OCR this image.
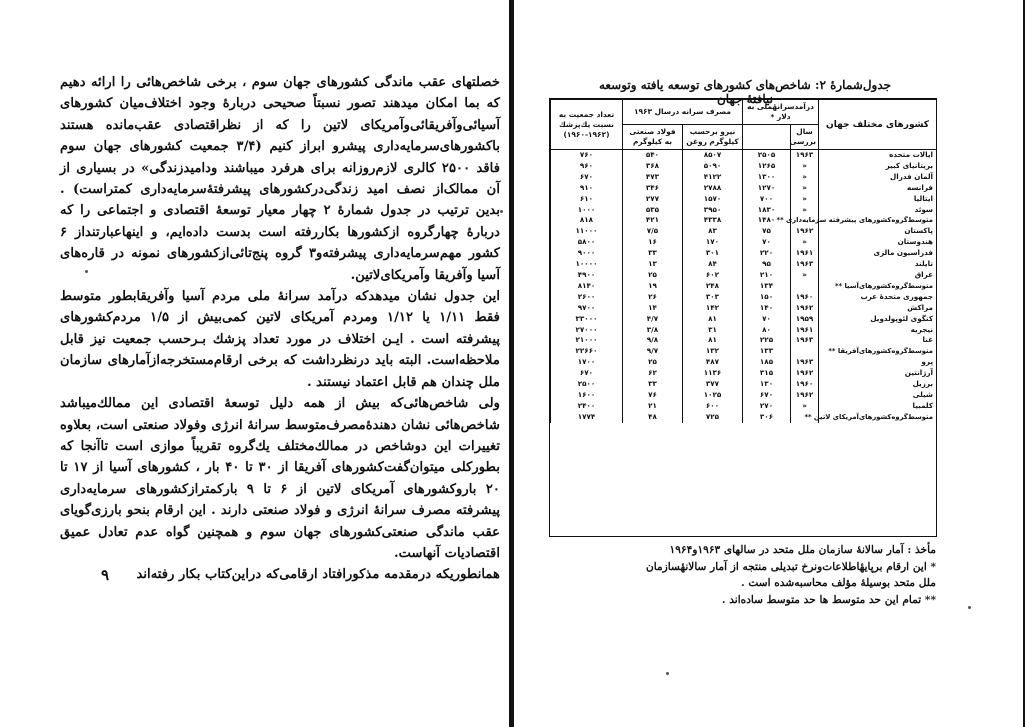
خصلتهای عقب ماندگی کشورهای جهان سوم ، برخی شاخص‌هائی را ارائه دهیم که بما امکان میدهند تصور نسبتاً صحیحی دربارهٔ وجود اختلاف‌میان کشورهای آسیائی‌وآفریقائی‌وآمریکای لاتین را که از نظراقتصادی عقب‌مانده هستند باکشورهای‌سرمایه‌داری پیشرو ابراز کنیم (۳/۴ جمعیت کشورهای جهان سوم فاقد ۲۵۰۰ کالری لازم‌روزانه برای هرفرد میباشند ودامیدزندگی» در بسیاری از آن ممالک‌از نصف امید زندگی‌درکشورهای پیشرفتهٔ‌سرمایه‌داری کمتراست) . بدین ترتیب در جدول شمارهٔ ۲ چهار معیار توسعهٔ اقتصادی و اجتماعی را که دربارهٔ چهارگروه ازکشورها بکاررفته است بدست داده‌ایم، و اینهاعبارتنداز ۶ کشور مهم‌سرمایه‌داری پیشرفته‌و۳ گروه پنج‌تائی‌ازکشورهای نمونه در قاره‌های آسیا وآفریقا وآمریکای‌لاتین.

این جدول نشان میدهدکه درآمد سرانهٔ ملی مردم آسیا وآفریقا‌بطور متوسط فقط ۱/۱۱ یا ۱/۱۲ ومردم آمریکای لاتین کمی‌بیش از ۱/۵ مردم‌کشورهای پیشرفته است . ایـن اختلاف در مورد تعداد پزشك بـرحسب جمعیت نیز قابل ملاحظه‌است. البته باید درنظرداشت که برخی ارقام‌مستخرجه‌ازآمارهای سازمان ملل چندان هم قابل اعتماد نیستند .

ولی شاخص‌هائی‌که بیش از همه دلیل توسعهٔ اقتصادی این ممالك‌میباشد شاخص‌هائی نشان دهندهٔ‌مصرف‌متوسط سرانهٔ انرژی وفولاد صنعتی است، بعلاوه تغییرات این دوشاخص در ممالك‌مختلف یك‌گروه تقریباً موازی است تاآنجا که بطورکلی میتوان‌گفت‌کشورهای آفریقا از ۳۰ تا ۴۰ بار ، کشورهای آسیا از ۱۷ تا ۲۰ باروکشورهای آمریکای لاتین از ۶ تا ۹ بارکمتر‌از‌کشورهای سرمایه‌داری پیشرفته مصرف سرانهٔ انرژی و فولاد صنعتی دارند . این ارقام بنحو بارزی‌گویای عقب ماندگی صنعتی‌کشورهای جهان سوم و همچنین گواه عدم تعادل عمیق اقتصادیات آنهاست.

همانطوریکه درمقدمه مذکورافتاد ارقامی‌که دراین‌کتاب بکار رفته‌اند

۹
جدول‌شمارهٔ ۲: شاخص‌های کشورهای توسعه یافته وتوسعه نیافتهٔ جهان
کشورهای مختلف جهان	درآمدسرانهٔملی به دلار *		مصرف سرانه درسال ۱۹۶۳		تعداد جمعیت به نسبت یك‌پزشك (۱۹۶۲-۱۹۶۰)
	سال بررسی		نیرو برحسب کیلوگرم روغن	فولاد صنعتی به کیلوگرم	
ایالات متحده	۱۹۶۳	۲۵۰۵	۸۵۰۷	۵۴۰	۷۶۰
بریتانیای کبیر	«	۱۲۶۵	۵۰۹۰	۳۶۸	۹۶۰
آلمان فدرال	«	۱۳۰۰	۴۱۲۲	۴۷۳	۶۷۰
فرانسه	«	۱۲۷۰	۲۷۸۸	۳۴۶	۹۱۰
ایتالیا	«	۷۰۰	۱۵۷۰	۲۷۷	۶۱۰
سوئد	«	۱۸۳۰	۳۹۵۰	۵۳۵	۱۰۰۰
متوسط‌گروه‌کشورهای پیشرفته سرمایه‌داری **		۱۴۸۰	۴۳۳۸	۴۲۱	۸۱۸
پاکستان	۱۹۶۲	۷۵	۸۳	۷/۵	۱۱۰۰۰
هندوستان	«	۷۰	۱۷۰	۱۶	۵۸۰۰
فدراسیون مالزی	۱۹۶۱	۲۲۰	۳۰۱	۳۳	۹۰۰۰
تایلند	۱۹۶۳	۹۵	۸۴	۱۳	۱۰۰۰۰
عراق	«	۲۱۰	۶۰۲	۲۵	۴۹۰۰
متوسط‌گروه‌کشورهای‌آسیا **		۱۳۴	۲۴۸	۱۹	۸۱۴۰
جمهوری متحدهٔ عرب	۱۹۶۰	۱۵۰	۳۰۳	۲۶	۲۶۰۰
مراکش	۱۹۶۲	۱۴۰	۱۴۲	۱۴	۹۷۰۰
کنگوی لئوپولدویل	۱۹۵۹	۷۰	۸۱	۴/۷	۳۳۰۰۰
نیجریه	۱۹۶۱	۸۰	۳۱	۳/۸	۲۷۰۰۰
غنا	۱۹۶۳	۲۲۵	۸۱	۹/۸	۲۱۰۰۰
متوسط‌گروه‌کشورهای‌آفریقا **		۱۳۳	۱۳۲	۹/۷	۲۲۶۶۰
پرو	۱۹۶۳	۱۸۵	۴۸۷	۲۵	۱۷۰۰
آرژانتین	۱۹۶۲	۳۱۵	۱۱۳۶	۶۲	۶۷۰
برزیل	۱۹۶۰	۱۳۰	۳۷۷	۳۳	۲۵۰۰
شیلی	۱۹۶۲	۶۷۰	۱۰۲۵	۷۶	۱۶۰۰
کلمبیا	«	۲۷۰	۶۰۰	۲۱	۲۴۰۰
متوسط‌گروه‌کشورهای‌آمریکای لاتین **		۳۰۶	۷۲۵	۴۸	۱۷۷۴
مأخذ : آمار سالانهٔ سازمان ملل متحد در سالهای ۱۹۶۳و۱۹۶۴
* این ارقام برپایهٔاطلاعات‌ونرخ تبدیلی منتجه از آمار سالانهٔسازمان
ملل متحد بوسیلهٔ مؤلف محاسبه‌شده است .
** تمام این حد متوسط ها حد متوسط ساده‌اند .
